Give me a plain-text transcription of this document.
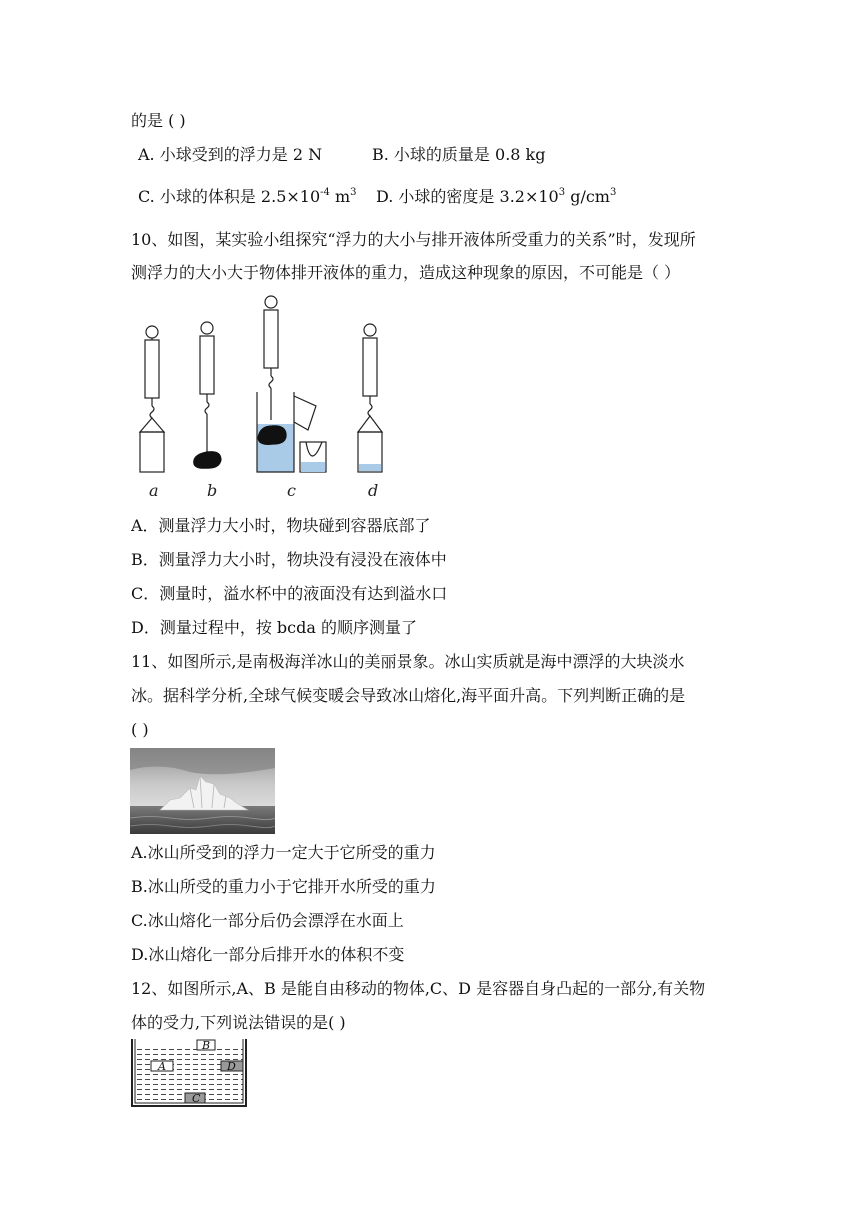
的是 ( )
A. 小球受到的浮力是 2 N	B. 小球的质量是 0.8 kg
C. 小球的体积是 $2.5\times 10^{-4}$ $m^3$ D. 小球的密度是 $3.2\times 10^3$ $g/cm^3$
10、如图，某实验小组探究“浮力的大小与排开液体所受重力的关系”时，发现所
测浮力的大小大于物体排开液体的重力，造成这种现象的原因，不可能是（ ）
a	b	c	d
A．测量浮力大小时，物块碰到容器底部了
B．测量浮力大小时，物块没有浸没在液体中
C．测量时，溢水杯中的液面没有达到溢水口
D．测量过程中，按 bcda 的顺序测量了
11、如图所示,是南极海洋冰山的美丽景象。冰山实质就是海中漂浮的大块淡水
冰。据科学分析,全球气候变暖会导致冰山熔化,海平面升高。下列判断正确的是
( )
A.冰山所受到的浮力一定大于它所受的重力
B.冰山所受的重力小于它排开水所受的重力
C.冰山熔化一部分后仍会漂浮在水面上
D.冰山熔化一部分后排开水的体积不变
12、如图所示,A、B 是能自由移动的物体,C、D 是容器自身凸起的一部分,有关物
体的受力,下列说法错误的是( )
B
A	D
C
